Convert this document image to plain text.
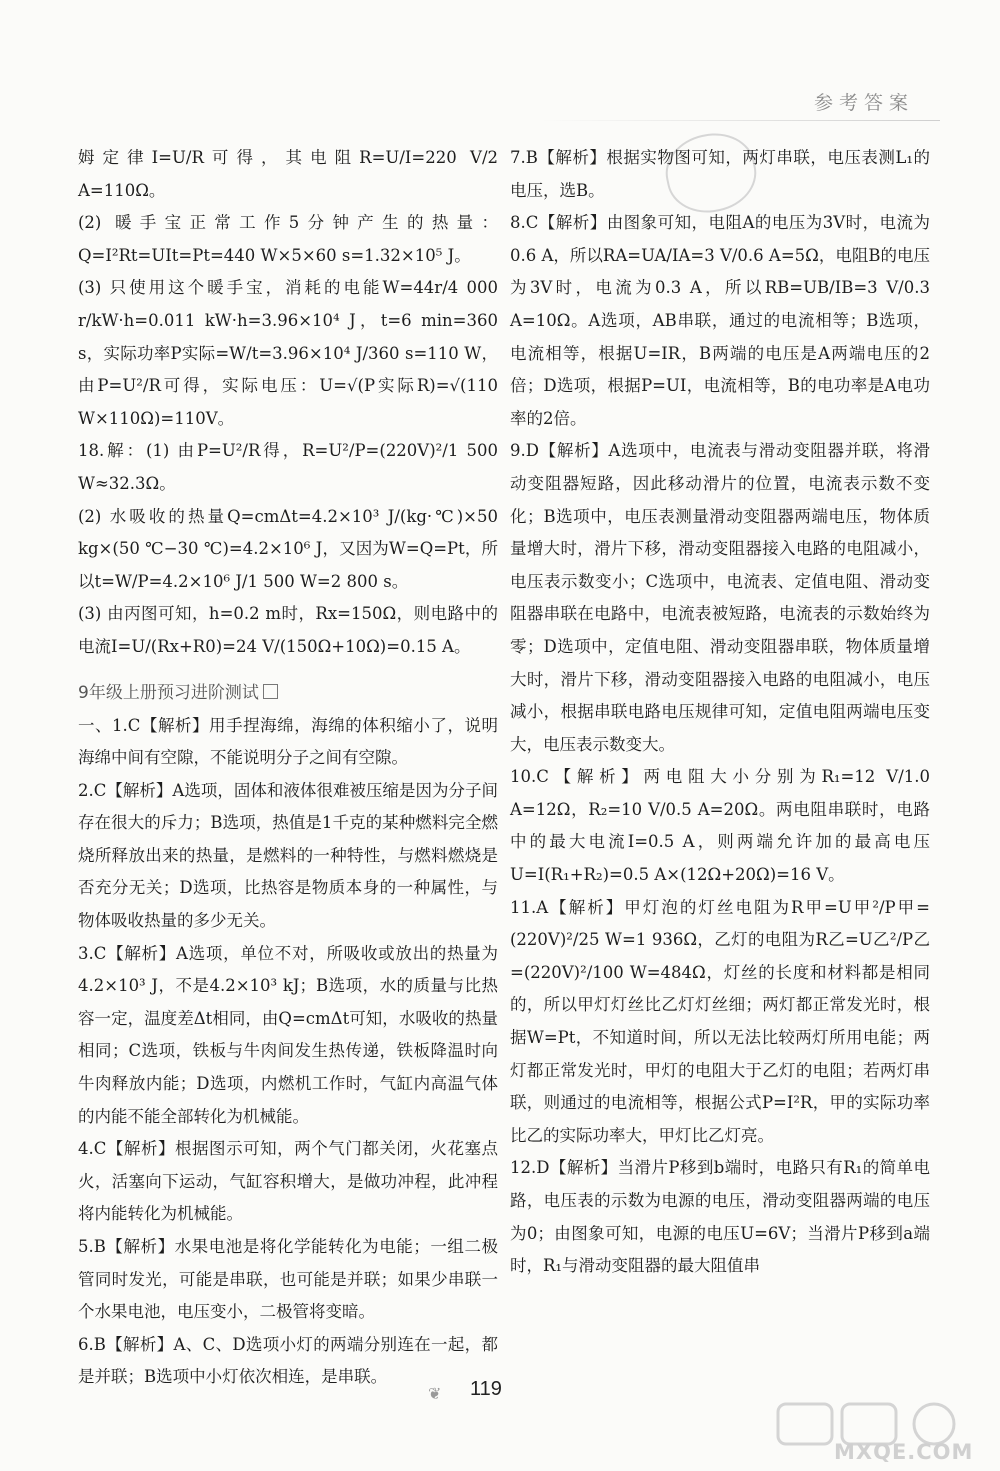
参考答案

姆定律I=U/R可得，其电阻R=U/I=220 V/2 A=110Ω。

(2) 暖手宝正常工作5分钟产生的热量：Q=I²Rt=UIt=Pt=440 W×5×60 s=1.32×10⁵ J。

(3) 只使用这个暖手宝，消耗的电能W=44r/4 000 r/kW·h=0.011 kW·h=3.96×10⁴ J，t=6 min=360 s，实际功率P实际=W/t=3.96×10⁴ J/360 s=110 W，由P=U²/R可得，实际电压：U=√(P实际R)=√(110 W×110Ω)=110V。

18.解：(1) 由P=U²/R得，R=U²/P=(220V)²/1 500 W≈32.3Ω。

(2) 水吸收的热量Q=cmΔt=4.2×10³ J/(kg·℃)×50 kg×(50 ℃−30 ℃)=4.2×10⁶ J，又因为W=Q=Pt，所以t=W/P=4.2×10⁶ J/1 500 W=2 800 s。

(3) 由丙图可知，h=0.2 m时，Rx=150Ω，则电路中的电流I=U/(Rx+R0)=24 V/(150Ω+10Ω)=0.15 A。

9年级上册预习进阶测试

一、1.C【解析】用手捏海绵，海绵的体积缩小了，说明海绵中间有空隙，不能说明分子之间有空隙。

2.C【解析】A选项，固体和液体很难被压缩是因为分子间存在很大的斥力；B选项，热值是1千克的某种燃料完全燃烧所释放出来的热量，是燃料的一种特性，与燃料燃烧是否充分无关；D选项，比热容是物质本身的一种属性，与物体吸收热量的多少无关。

3.C【解析】A选项，单位不对，所吸收或放出的热量为4.2×10³ J，不是4.2×10³ kJ；B选项，水的质量与比热容一定，温度差Δt相同，由Q=cmΔt可知，水吸收的热量相同；C选项，铁板与牛肉间发生热传递，铁板降温时向牛肉释放内能；D选项，内燃机工作时，气缸内高温气体的内能不能全部转化为机械能。

4.C【解析】根据图示可知，两个气门都关闭，火花塞点火，活塞向下运动，气缸容积增大，是做功冲程，此冲程将内能转化为机械能。

5.B【解析】水果电池是将化学能转化为电能；一组二极管同时发光，可能是串联，也可能是并联；如果少串联一个水果电池，电压变小，二极管将变暗。

6.B【解析】A、C、D选项小灯的两端分别连在一起，都是并联；B选项中小灯依次相连，是串联。

7.B【解析】根据实物图可知，两灯串联，电压表测L₁的电压，选B。

8.C【解析】由图象可知，电阻A的电压为3V时，电流为0.6 A，所以RA=UA/IA=3 V/0.6 A=5Ω，电阻B的电压为3V时，电流为0.3 A，所以RB=UB/IB=3 V/0.3 A=10Ω。A选项，AB串联，通过的电流相等；B选项，电流相等，根据U=IR，B两端的电压是A两端电压的2倍；D选项，根据P=UI，电流相等，B的电功率是A电功率的2倍。

9.D【解析】A选项中，电流表与滑动变阻器并联，将滑动变阻器短路，因此移动滑片的位置，电流表示数不变化；B选项中，电压表测量滑动变阻器两端电压，物体质量增大时，滑片下移，滑动变阻器接入电路的电阻减小，电压表示数变小；C选项中，电流表、定值电阻、滑动变阻器串联在电路中，电流表被短路，电流表的示数始终为零；D选项中，定值电阻、滑动变阻器串联，物体质量增大时，滑片下移，滑动变阻器接入电路的电阻减小，电压减小，根据串联电路电压规律可知，定值电阻两端电压变大，电压表示数变大。

10.C【解析】两电阻大小分别为R₁=12 V/1.0 A=12Ω，R₂=10 V/0.5 A=20Ω。两电阻串联时，电路中的最大电流I=0.5 A，则两端允许加的最高电压U=I(R₁+R₂)=0.5 A×(12Ω+20Ω)=16 V。

11.A【解析】甲灯泡的灯丝电阻为R甲=U甲²/P甲=(220V)²/25 W=1 936Ω，乙灯的电阻为R乙=U乙²/P乙=(220V)²/100 W=484Ω，灯丝的长度和材料都是相同的，所以甲灯灯丝比乙灯灯丝细；两灯都正常发光时，根据W=Pt，不知道时间，所以无法比较两灯所用电能；两灯都正常发光时，甲灯的电阻大于乙灯的电阻；若两灯串联，则通过的电流相等，根据公式P=I²R，甲的实际功率比乙的实际功率大，甲灯比乙灯亮。

12.D【解析】当滑片P移到b端时，电路只有R₁的简单电路，电压表的示数为电源的电压，滑动变阻器两端的电压为0；由图象可知，电源的电压U=6V；当滑片P移到a端时，R₁与滑动变阻器的最大阻值串

❦ 119
MXQE.COM
